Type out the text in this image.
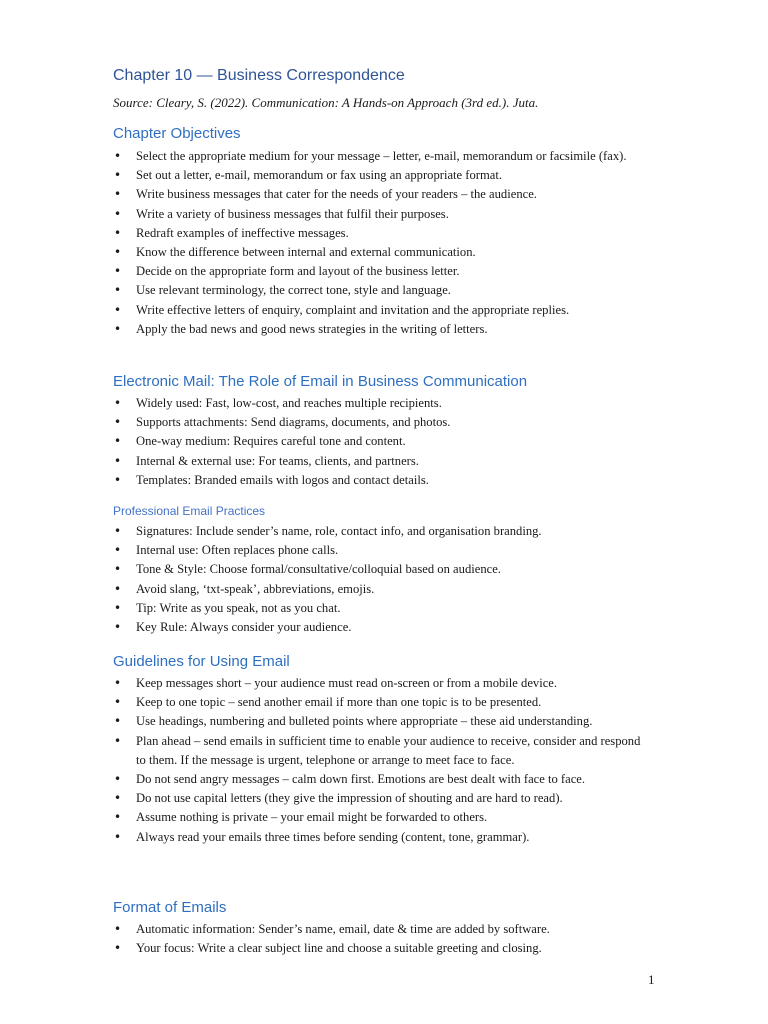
Chapter 10 — Business Correspondence

Source: Cleary, S. (2022). Communication: A Hands-on Approach (3rd ed.). Juta.

Chapter Objectives
• Select the appropriate medium for your message – letter, e-mail, memorandum or facsimile (fax).
• Set out a letter, e-mail, memorandum or fax using an appropriate format.
• Write business messages that cater for the needs of your readers – the audience.
• Write a variety of business messages that fulfil their purposes.
• Redraft examples of ineffective messages.
• Know the difference between internal and external communication.
• Decide on the appropriate form and layout of the business letter.
• Use relevant terminology, the correct tone, style and language.
• Write effective letters of enquiry, complaint and invitation and the appropriate replies.
• Apply the bad news and good news strategies in the writing of letters.
Electronic Mail: The Role of Email in Business Communication
• Widely used: Fast, low-cost, and reaches multiple recipients.
• Supports attachments: Send diagrams, documents, and photos.
• One-way medium: Requires careful tone and content.
• Internal & external use: For teams, clients, and partners.
• Templates: Branded emails with logos and contact details.
Professional Email Practices
• Signatures: Include sender’s name, role, contact info, and organisation branding.
• Internal use: Often replaces phone calls.
• Tone & Style: Choose formal/consultative/colloquial based on audience.
• Avoid slang, ‘txt-speak’, abbreviations, emojis.
• Tip: Write as you speak, not as you chat.
• Key Rule: Always consider your audience.
Guidelines for Using Email
• Keep messages short – your audience must read on-screen or from a mobile device.
• Keep to one topic – send another email if more than one topic is to be presented.
• Use headings, numbering and bulleted points where appropriate – these aid understanding.
• Plan ahead – send emails in sufficient time to enable your audience to receive, consider and respond to them. If the message is urgent, telephone or arrange to meet face to face.
• Do not send angry messages – calm down first. Emotions are best dealt with face to face.
• Do not use capital letters (they give the impression of shouting and are hard to read).
• Assume nothing is private – your email might be forwarded to others.
• Always read your emails three times before sending (content, tone, grammar).
Format of Emails
• Automatic information: Sender’s name, email, date & time are added by software.
• Your focus: Write a clear subject line and choose a suitable greeting and closing.
1
